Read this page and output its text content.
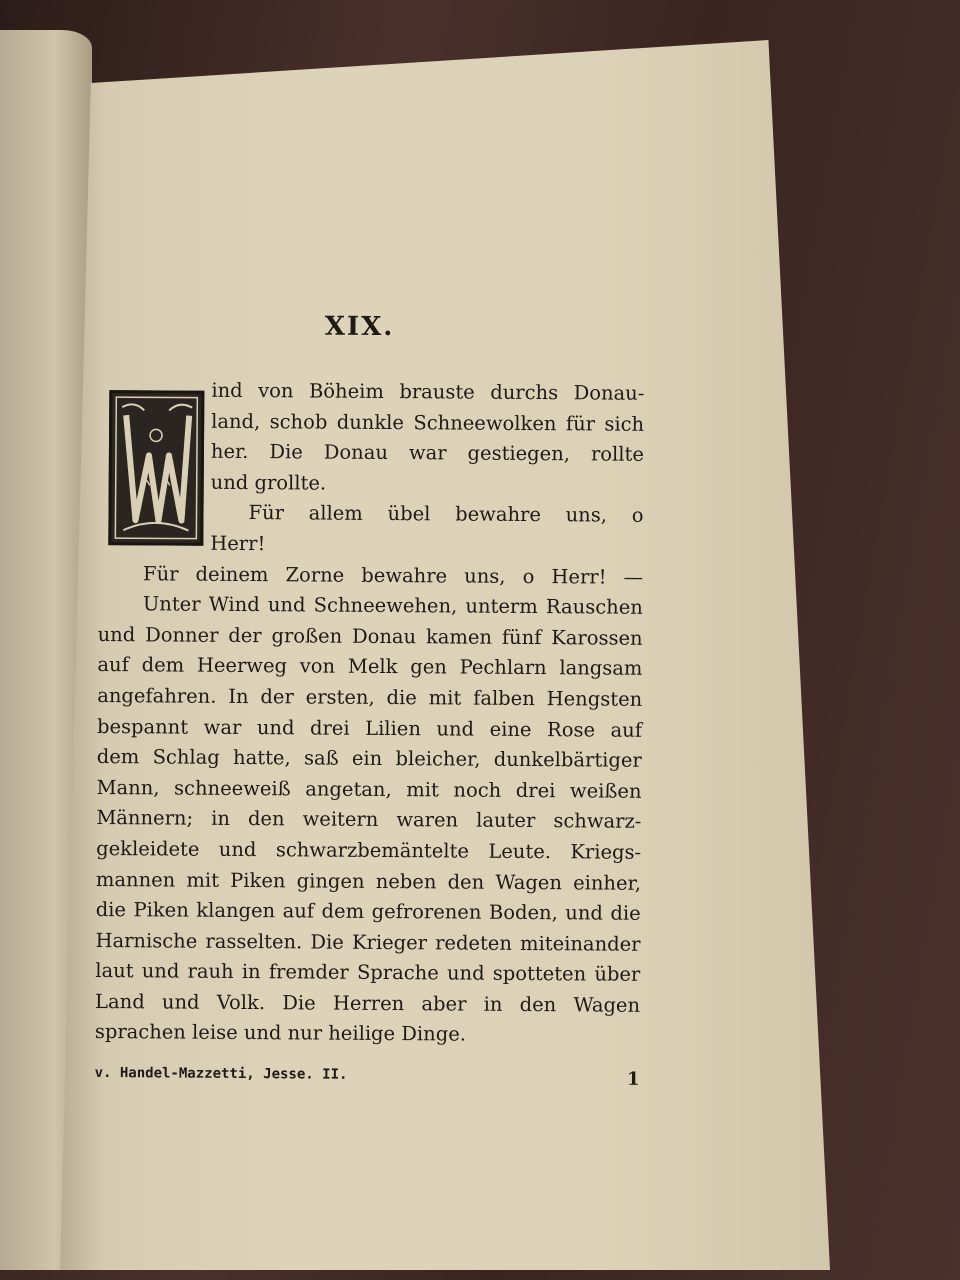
XIX.
ind von Böheim brauste durchs Donau-
land, schob dunkle Schneewolken für sich
her. Die Donau war gestiegen, rollte
und grollte.
Für allem übel bewahre uns, o
Herr!
Für deinem Zorne bewahre uns, o Herr! —
Unter Wind und Schneewehen, unterm Rauschen
und Donner der großen Donau kamen fünf Karossen
auf dem Heerweg von Melk gen Pechlarn langsam
angefahren. In der ersten, die mit falben Hengsten
bespannt war und drei Lilien und eine Rose auf
dem Schlag hatte, saß ein bleicher, dunkelbärtiger
Mann, schneeweiß angetan, mit noch drei weißen
Männern; in den weitern waren lauter schwarz-
gekleidete und schwarzbemäntelte Leute. Kriegs-
mannen mit Piken gingen neben den Wagen einher,
die Piken klangen auf dem gefrorenen Boden, und die
Harnische rasselten. Die Krieger redeten miteinander
laut und rauh in fremder Sprache und spotteten über
Land und Volk. Die Herren aber in den Wagen
sprachen leise und nur heilige Dinge.
v. Handel-Mazzetti, Jesse. II.	1
